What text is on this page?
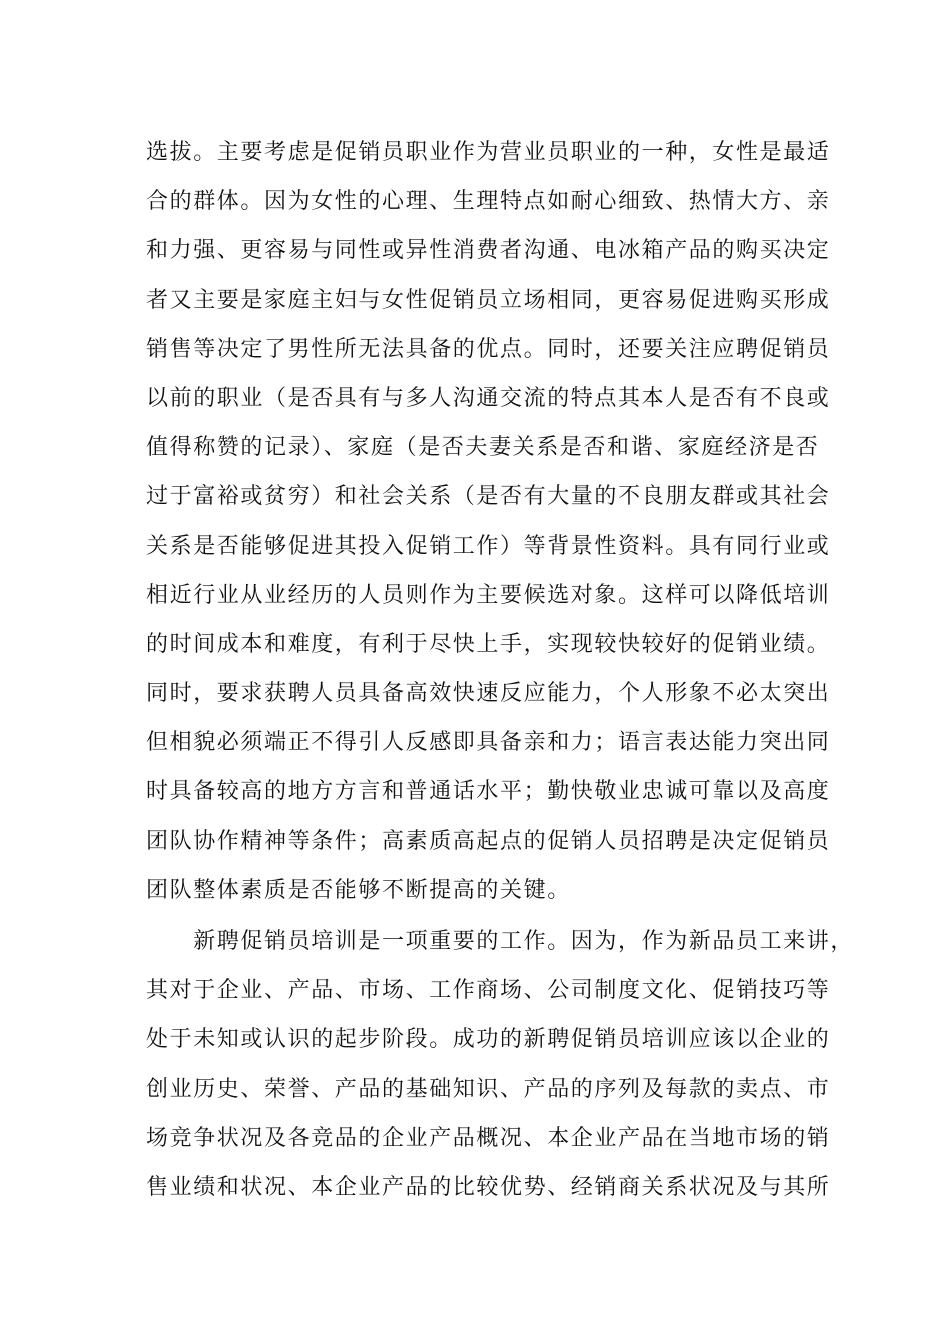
选拔。主要考虑是促销员职业作为营业员职业的一种，女性是最适
合的群体。因为女性的心理、生理特点如耐心细致、热情大方、亲
和力强、更容易与同性或异性消费者沟通、电冰箱产品的购买决定
者又主要是家庭主妇与女性促销员立场相同，更容易促进购买形成
销售等决定了男性所无法具备的优点。同时，还要关注应聘促销员
以前的职业（是否具有与多人沟通交流的特点其本人是否有不良或
值得称赞的记录）、家庭（是否夫妻关系是否和谐、家庭经济是否
过于富裕或贫穷）和社会关系（是否有大量的不良朋友群或其社会
关系是否能够促进其投入促销工作）等背景性资料。具有同行业或
相近行业从业经历的人员则作为主要候选对象。这样可以降低培训
的时间成本和难度，有利于尽快上手，实现较快较好的促销业绩。
同时，要求获聘人员具备高效快速反应能力，个人形象不必太突出
但相貌必须端正不得引人反感即具备亲和力；语言表达能力突出同
时具备较高的地方方言和普通话水平；勤快敬业忠诚可靠以及高度
团队协作精神等条件；高素质高起点的促销人员招聘是决定促销员
团队整体素质是否能够不断提高的关键。
　　新聘促销员培训是一项重要的工作。因为，作为新品员工来讲，
其对于企业、产品、市场、工作商场、公司制度文化、促销技巧等
处于未知或认识的起步阶段。成功的新聘促销员培训应该以企业的
创业历史、荣誉、产品的基础知识、产品的序列及每款的卖点、市
场竞争状况及各竞品的企业产品概况、本企业产品在当地市场的销
售业绩和状况、本企业产品的比较优势、经销商关系状况及与其所
